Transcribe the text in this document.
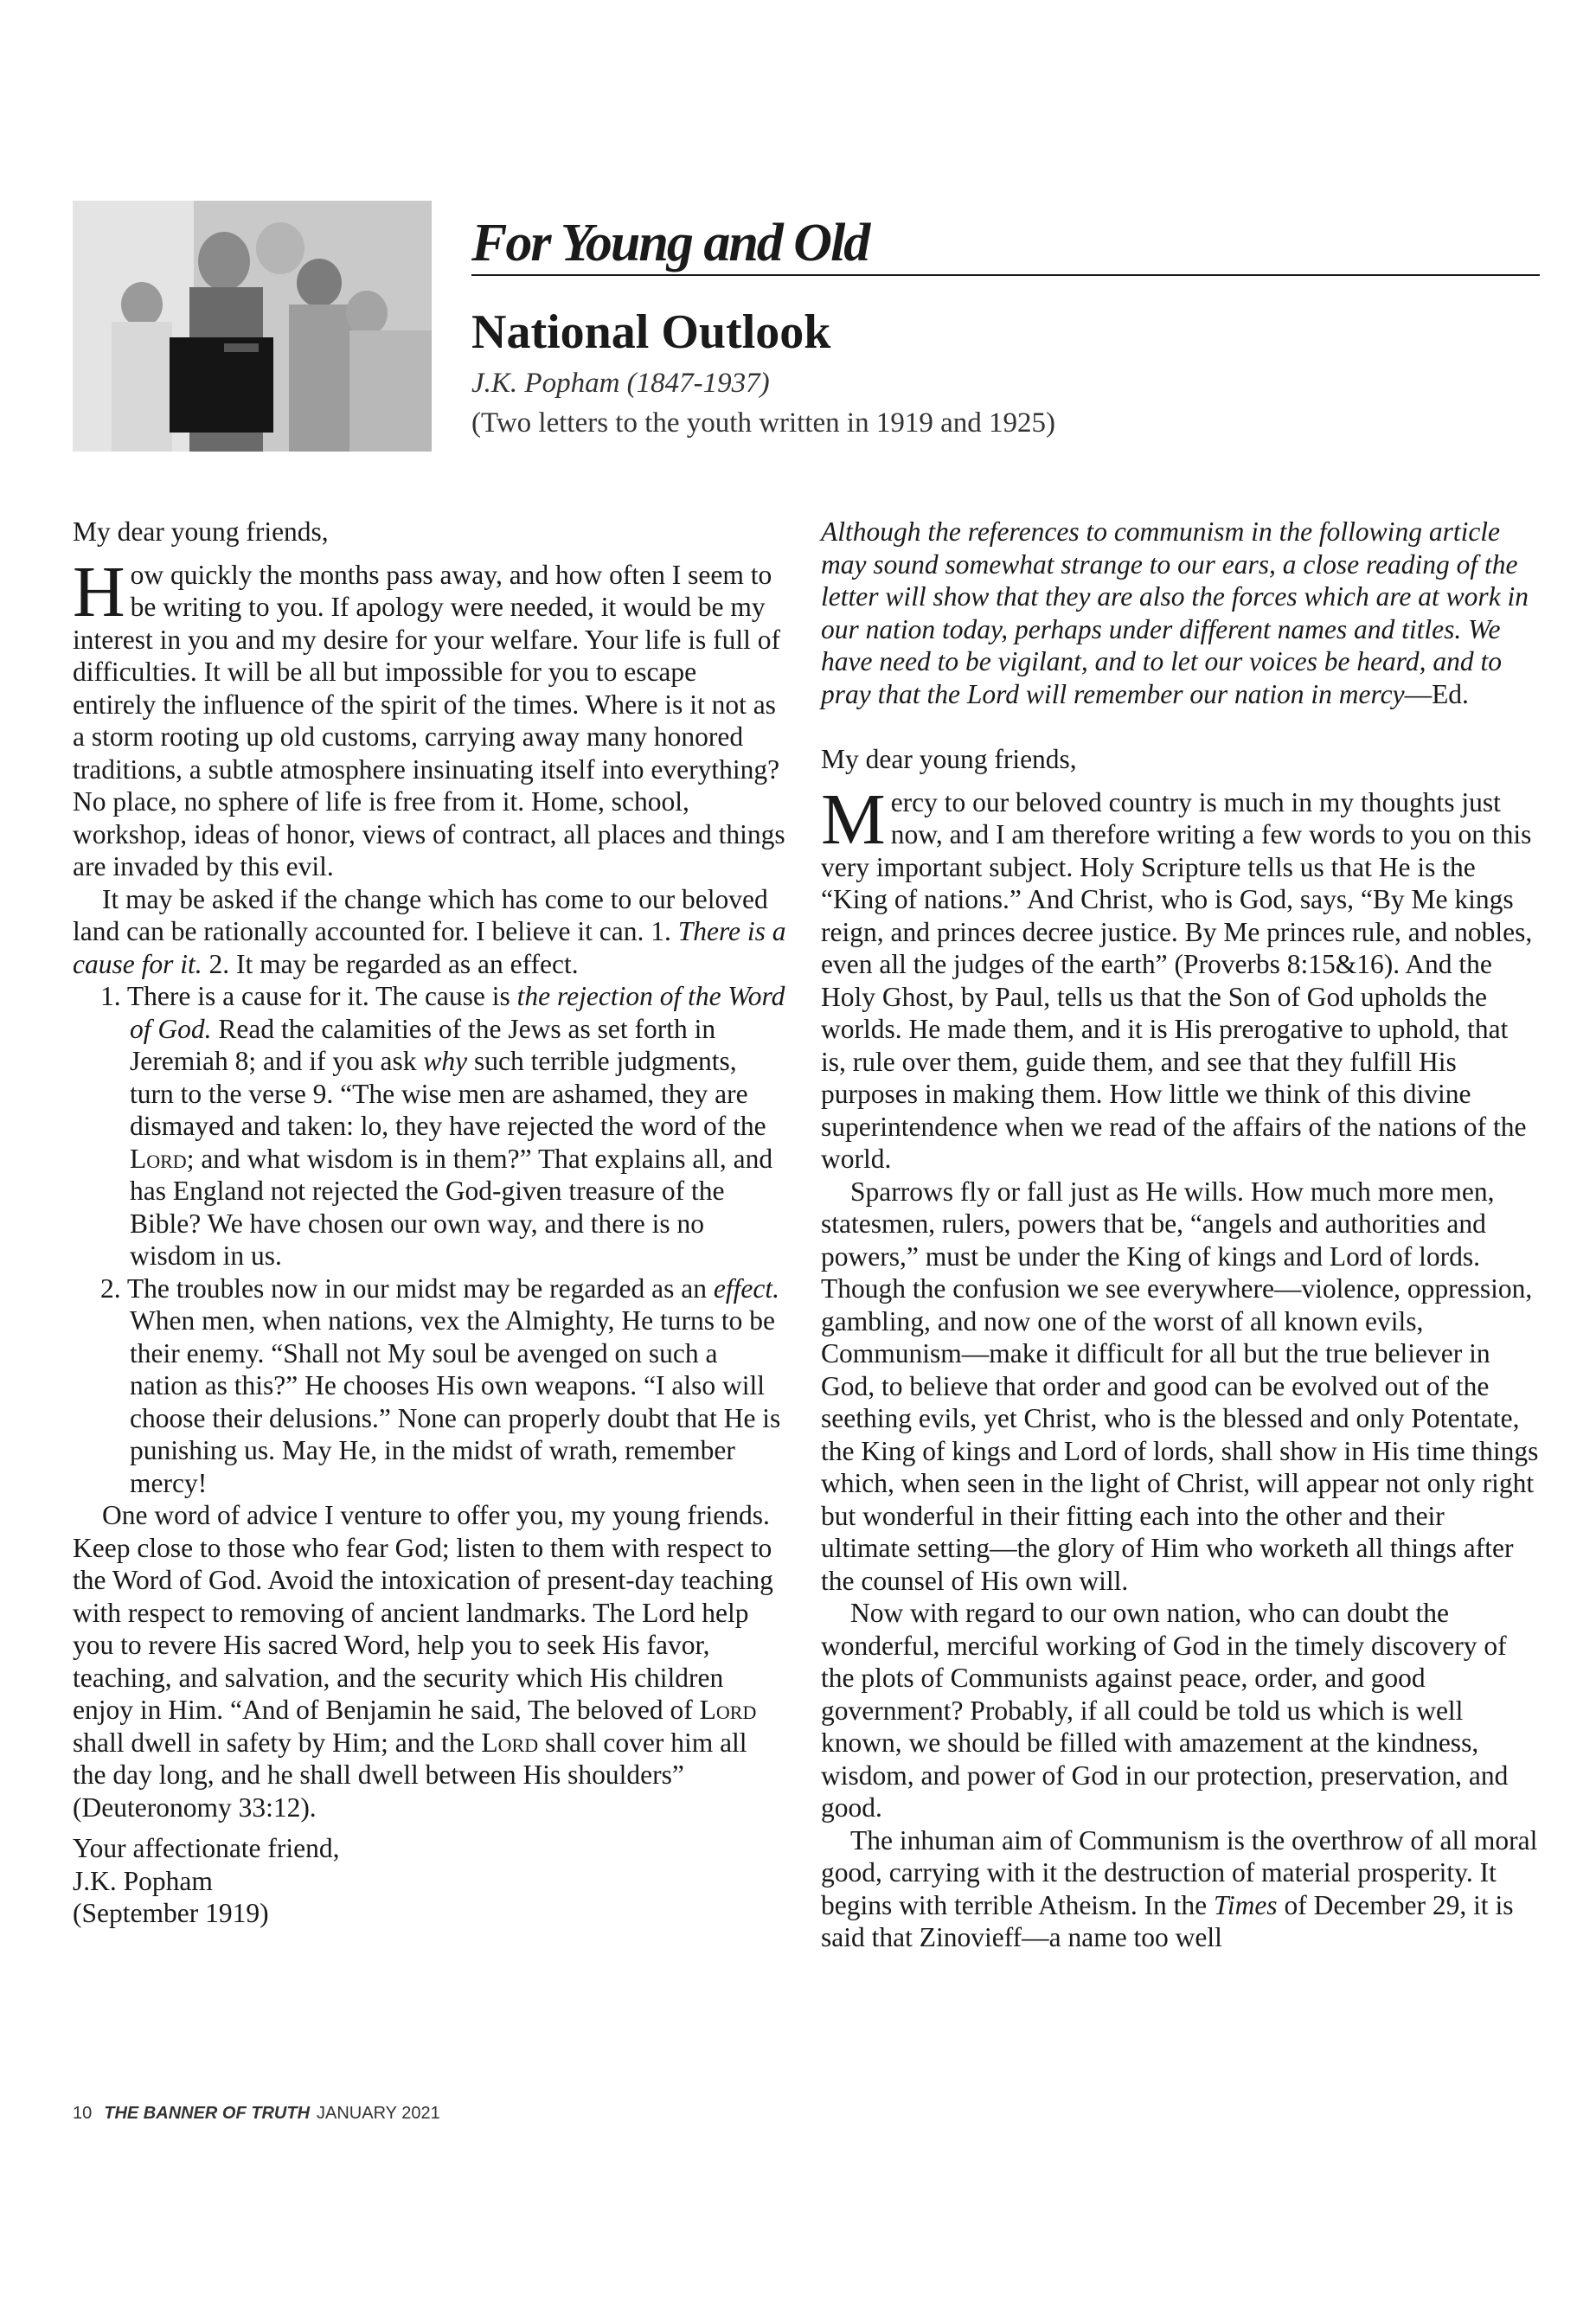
For Young and Old
National Outlook

J.K. Popham (1847-1937)

(Two letters to the youth written in 1919 and 1925)

My dear young friends,

How quickly the months pass away, and how often I seem to be writing to you. If apology were needed, it would be my interest in you and my desire for your welfare. Your life is full of difficulties. It will be all but impossible for you to escape entirely the influence of the spirit of the times. Where is it not as a storm rooting up old customs, carrying away many honored traditions, a subtle atmosphere insinuating itself into everything? No place, no sphere of life is free from it. Home, school, workshop, ideas of honor, views of contract, all places and things are invaded by this evil.

It may be asked if the change which has come to our beloved land can be rationally accounted for. I believe it can. 1. There is a cause for it. 2. It may be regarded as an effect.

1. There is a cause for it. The cause is the rejection of the Word of God. Read the calamities of the Jews as set forth in Jeremiah 8; and if you ask why such terrible judgments, turn to the verse 9. “The wise men are ashamed, they are dismayed and taken: lo, they have rejected the word of the Lord; and what wisdom is in them?” That explains all, and has England not rejected the God-given treasure of the Bible? We have chosen our own way, and there is no wisdom in us.
2. The troubles now in our midst may be regarded as an effect. When men, when nations, vex the Almighty, He turns to be their enemy. “Shall not My soul be avenged on such a nation as this?” He chooses His own weapons. “I also will choose their delusions.” None can properly doubt that He is punishing us. May He, in the midst of wrath, remember mercy!

One word of advice I venture to offer you, my young friends. Keep close to those who fear God; listen to them with respect to the Word of God. Avoid the intoxication of present-day teaching with respect to removing of ancient landmarks. The Lord help you to revere His sacred Word, help you to seek His favor, teaching, and salvation, and the security which His children enjoy in Him. “And of Benjamin he said, The beloved of Lord shall dwell in safety by Him; and the Lord shall cover him all the day long, and he shall dwell between His shoulders” (Deuteronomy 33:12).

Your affectionate friend,

J.K. Popham

(September 1919)

Although the references to communism in the following article may sound somewhat strange to our ears, a close reading of the letter will show that they are also the forces which are at work in our nation today, perhaps under different names and titles. We have need to be vigilant, and to let our voices be heard, and to pray that the Lord will remember our nation in mercy—Ed.

My dear young friends,

Mercy to our beloved country is much in my thoughts just now, and I am therefore writing a few words to you on this very important subject. Holy Scripture tells us that He is the “King of nations.” And Christ, who is God, says, “By Me kings reign, and princes decree justice. By Me princes rule, and nobles, even all the judges of the earth” (Proverbs 8:15&16). And the Holy Ghost, by Paul, tells us that the Son of God upholds the worlds. He made them, and it is His prerogative to uphold, that is, rule over them, guide them, and see that they fulfill His purposes in making them. How little we think of this divine superintendence when we read of the affairs of the nations of the world.

Sparrows fly or fall just as He wills. How much more men, statesmen, rulers, powers that be, “angels and authorities and powers,” must be under the King of kings and Lord of lords. Though the confusion we see everywhere—violence, oppression, gambling, and now one of the worst of all known evils, Communism—make it difficult for all but the true believer in God, to believe that order and good can be evolved out of the seething evils, yet Christ, who is the blessed and only Potentate, the King of kings and Lord of lords, shall show in His time things which, when seen in the light of Christ, will appear not only right but wonderful in their fitting each into the other and their ultimate setting—the glory of Him who worketh all things after the counsel of His own will.

Now with regard to our own nation, who can doubt the wonderful, merciful working of God in the timely discovery of the plots of Communists against peace, order, and good government? Probably, if all could be told us which is well known, we should be filled with amazement at the kindness, wisdom, and power of God in our protection, preservation, and good.

The inhuman aim of Communism is the overthrow of all moral good, carrying with it the destruction of material prosperity. It begins with terrible Atheism. In the Times of December 29, it is said that Zinovieff—a name too well

10 THE BANNER OF TRUTH JANUARY 2021
